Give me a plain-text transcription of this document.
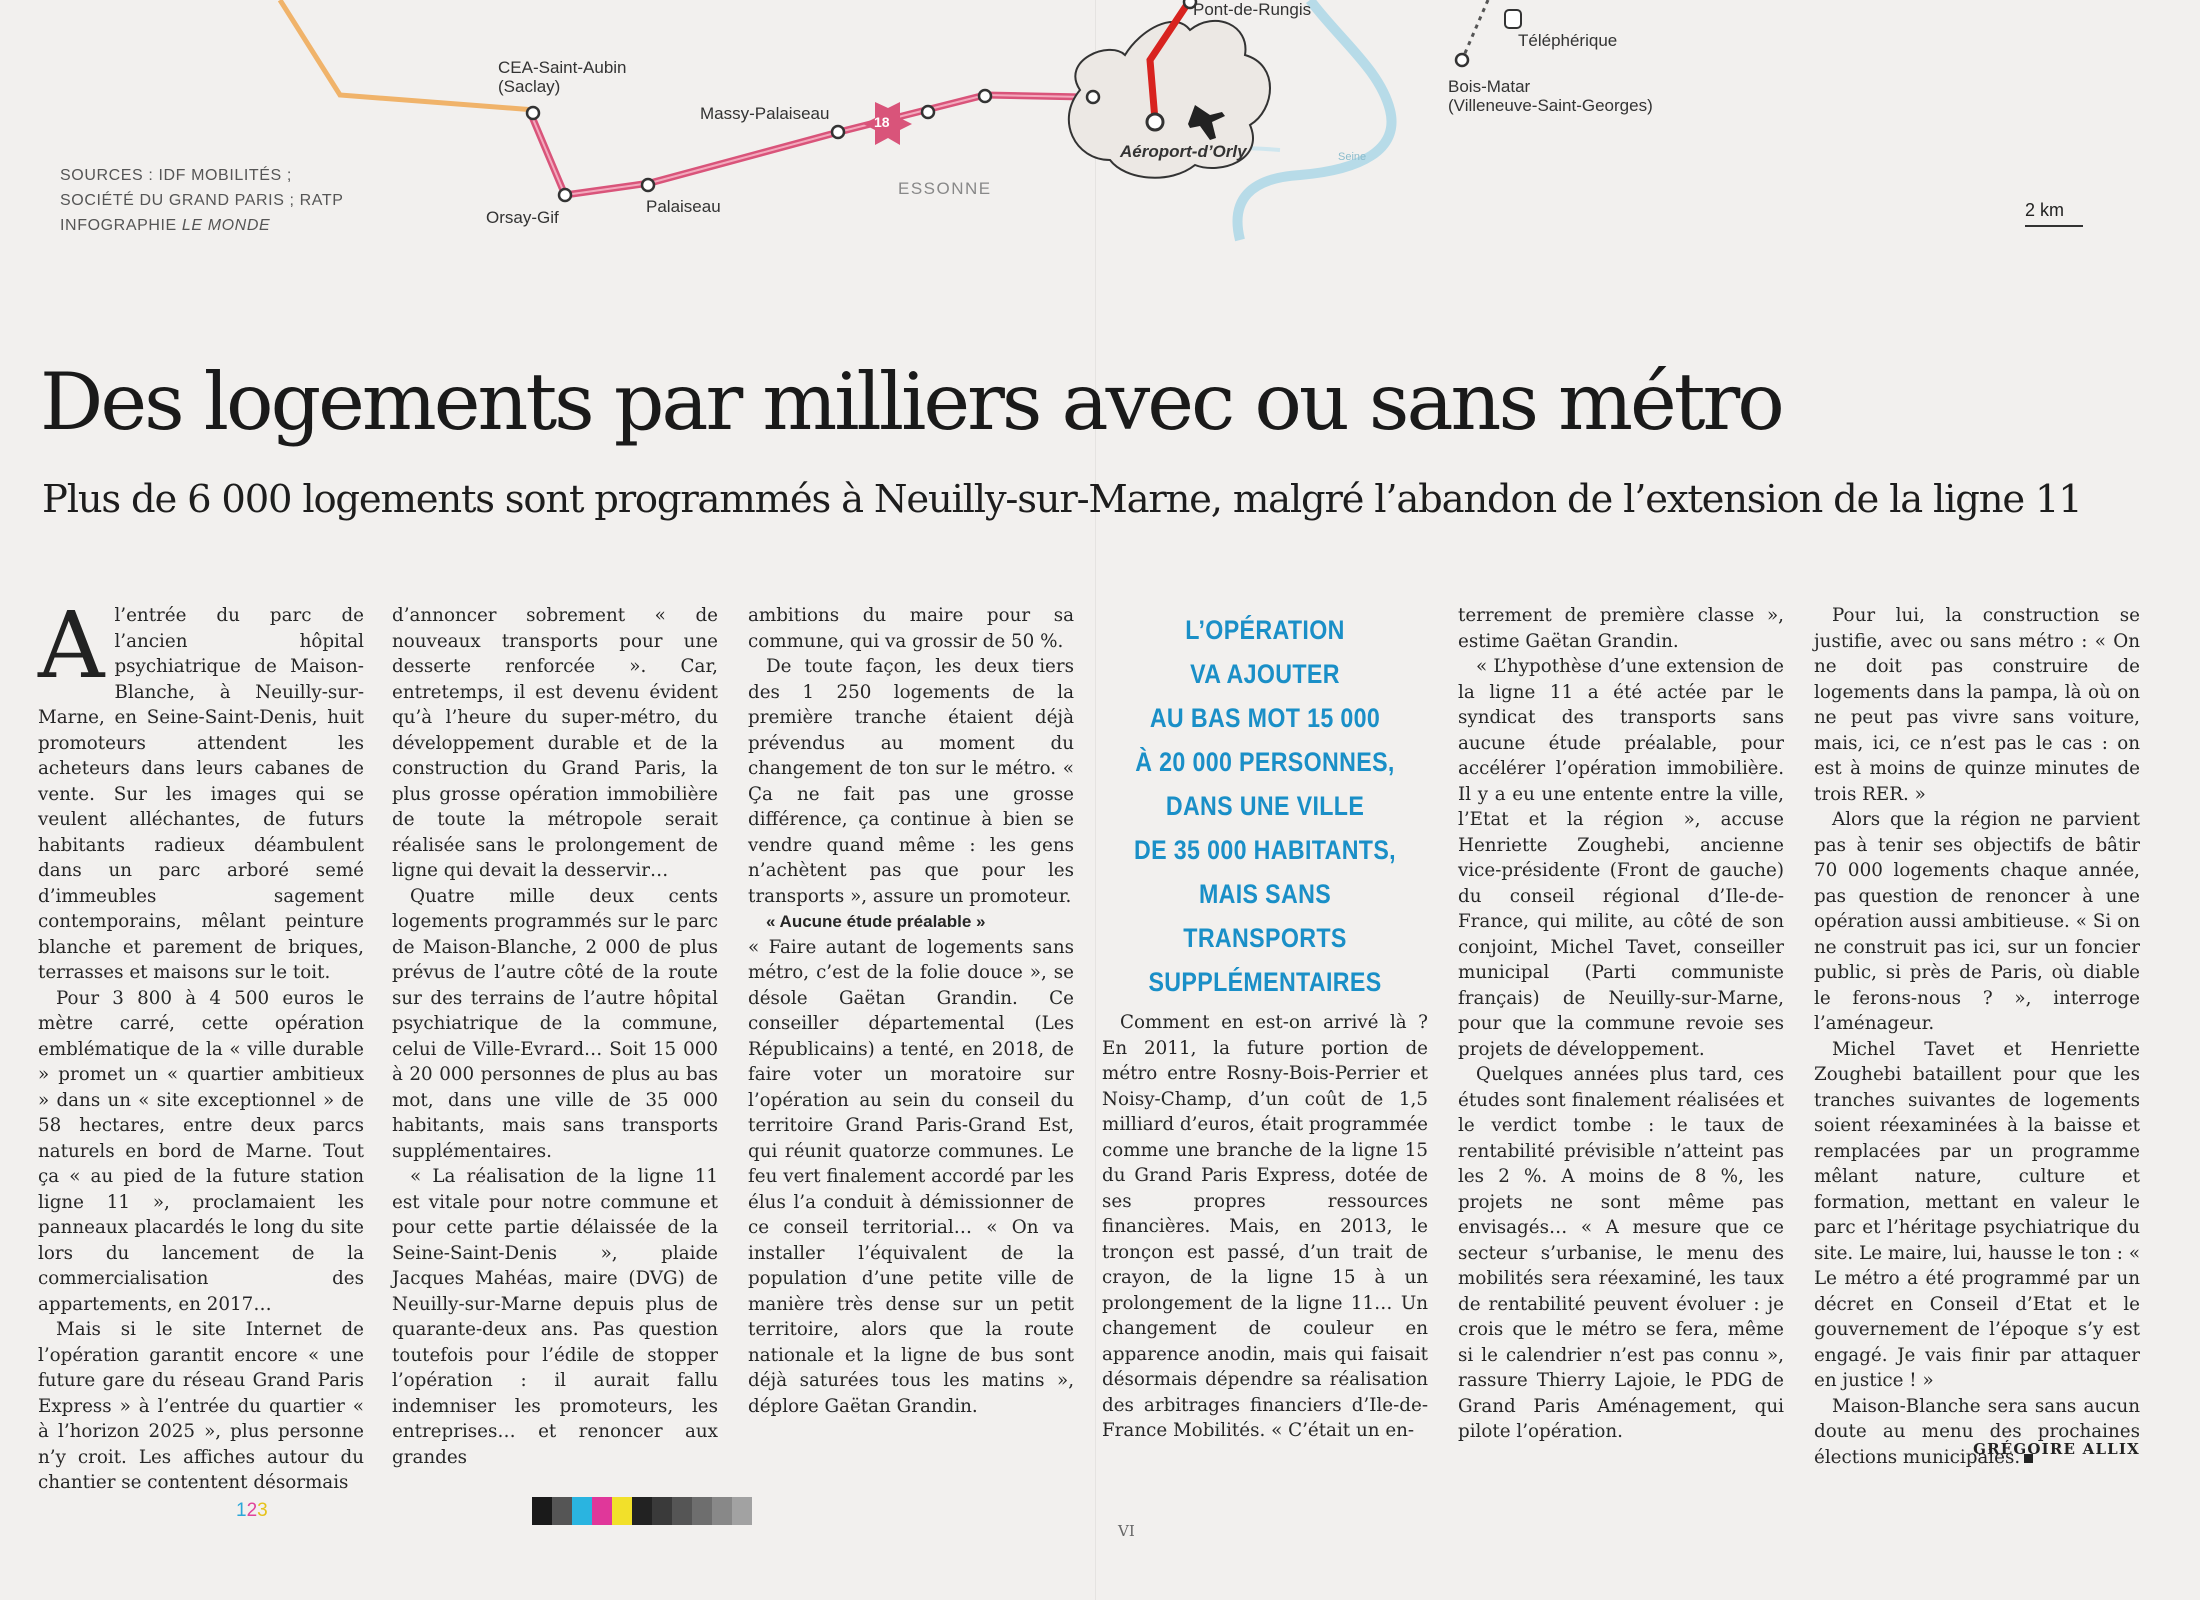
Pont-de-Rungis
Téléphérique
CEA-Saint-Aubin
(Saclay)
Massy-Palaiseau	18
Bois-Matar
(Villeneuve-Saint-Georges)
Orsay-Gif
Palaiseau
ESSONNE
Aéroport-d’Orly	Seine
SOURCES : IDF MOBILITÉS ;
SOCIÉTÉ DU GRAND PARIS ; RATP
INFOGRAPHIE LE MONDE
2 km
Des logements par milliers avec ou sans métro
Plus de 6 000 logements sont programmés à Neuilly-sur-Marne, malgré l’abandon de l’extension de la ligne 11

Al’entrée du parc de l’ancien hôpital psychiatrique de Maison-Blanche, à Neuilly-sur-Marne, en Seine-Saint-Denis, huit promoteurs attendent les acheteurs dans leurs cabanes de vente. Sur les images qui se veulent alléchantes, de futurs habitants radieux déambulent dans un parc arboré semé d’immeubles sagement contemporains, mêlant peinture blanche et parement de briques, terrasses et maisons sur le toit.

Pour 3 800 à 4 500 euros le mètre carré, cette opération emblématique de la « ville durable » promet un « quartier ambitieux » dans un « site exceptionnel » de 58 hectares, entre deux parcs naturels en bord de Marne. Tout ça « au pied de la future station ligne 11 », proclamaient les panneaux placardés le long du site lors du lancement de la commercialisation des appartements, en 2017…

Mais si le site Internet de l’opération garantit encore « une future gare du réseau Grand Paris Express » à l’entrée du quartier « à l’horizon 2025 », plus personne n’y croit. Les affiches autour du chantier se contentent désormais

d’annoncer sobrement « de nouveaux transports pour une desserte renforcée ». Car, entretemps, il est devenu évident qu’à l’heure du super-métro, du développement durable et de la construction du Grand Paris, la plus grosse opération immobilière de toute la métropole serait réalisée sans le prolongement de ligne qui devait la desservir…

Quatre mille deux cents logements programmés sur le parc de Maison-Blanche, 2 000 de plus prévus de l’autre côté de la route sur des terrains de l’autre hôpital psychiatrique de la commune, celui de Ville-Evrard… Soit 15 000 à 20 000 personnes de plus au bas mot, dans une ville de 35 000 habitants, mais sans transports supplémentaires.

« La réalisation de la ligne 11 est vitale pour notre commune et pour cette partie délaissée de la Seine-Saint-Denis », plaide Jacques Mahéas, maire (DVG) de Neuilly-sur-Marne depuis plus de quarante-deux ans. Pas question toutefois pour l’édile de stopper l’opération : il aurait fallu indemniser les promoteurs, les entreprises… et renoncer aux grandes

ambitions du maire pour sa commune, qui va grossir de 50 %.

De toute façon, les deux tiers des 1 250 logements de la première tranche étaient déjà prévendus au moment du changement de ton sur le métro. « Ça ne fait pas une grosse différence, ça continue à bien se vendre quand même : les gens n’achètent pas que pour les transports », assure un promoteur.

« Aucune étude préalable »

« Faire autant de logements sans métro, c’est de la folie douce », se désole Gaëtan Grandin. Ce conseiller départemental (Les Républicains) a tenté, en 2018, de faire voter un moratoire sur l’opération au sein du conseil du territoire Grand Paris-Grand Est, qui réunit quatorze communes. Le feu vert finalement accordé par les élus l’a conduit à démissionner de ce conseil territorial… « On va installer l’équivalent de la population d’une petite ville de manière très dense sur un petit territoire, alors que la route nationale et la ligne de bus sont déjà saturées tous les matins », déplore Gaëtan Grandin.

L’OPÉRATION
VA AJOUTER
AU BAS MOT 15 000
À 20 000 PERSONNES,
DANS UNE VILLE
DE 35 000 HABITANTS,
MAIS SANS TRANSPORTS
SUPPLÉMENTAIRES

Comment en est-on arrivé là ? En 2011, la future portion de métro entre Rosny-Bois-Perrier et Noisy-Champ, d’un coût de 1,5 milliard d’euros, était programmée comme une branche de la ligne 15 du Grand Paris Express, dotée de ses propres ressources financières. Mais, en 2013, le tronçon est passé, d’un trait de crayon, de la ligne 15 à un prolongement de la ligne 11… Un changement de couleur en apparence anodin, mais qui faisait désormais dépendre sa réalisation des arbitrages financiers d’Ile-de-France Mobilités. « C’était un en-

terrement de première classe », estime Gaëtan Grandin.

« L’hypothèse d’une extension de la ligne 11 a été actée par le syndicat des transports sans aucune étude préalable, pour accélérer l’opération immobilière. Il y a eu une entente entre la ville, l’Etat et la région », accuse Henriette Zoughebi, ancienne vice-présidente (Front de gauche) du conseil régional d’Ile-de-France, qui milite, au côté de son conjoint, Michel Tavet, conseiller municipal (Parti communiste français) de Neuilly-sur-Marne, pour que la commune revoie ses projets de développement.

Quelques années plus tard, ces études sont finalement réalisées et le verdict tombe : le taux de rentabilité prévisible n’atteint pas les 2 %. A moins de 8 %, les projets ne sont même pas envisagés… « A mesure que ce secteur s’urbanise, le menu des mobilités sera réexaminé, les taux de rentabilité peuvent évoluer : je crois que le métro se fera, même si le calendrier n’est pas connu », rassure Thierry Lajoie, le PDG de Grand Paris Aménagement, qui pilote l’opération.

Pour lui, la construction se justifie, avec ou sans métro : « On ne doit pas construire de logements dans la pampa, là où on ne peut pas vivre sans voiture, mais, ici, ce n’est pas le cas : on est à moins de quinze minutes de trois RER. »

Alors que la région ne parvient pas à tenir ses objectifs de bâtir 70 000 logements chaque année, pas question de renoncer à une opération aussi ambitieuse. « Si on ne construit pas ici, sur un foncier public, si près de Paris, où diable le ferons-nous ? », interroge l’aménageur.

Michel Tavet et Henriette Zoughebi bataillent pour que les tranches suivantes de logements soient réexaminées à la baisse et remplacées par un programme mêlant nature, culture et formation, mettant en valeur le parc et l’héritage psychiatrique du site. Le maire, lui, hausse le ton : « Le métro a été programmé par un décret en Conseil d’Etat et le gouvernement de l’époque s’y est engagé. Je vais finir par attaquer en justice ! »

Maison-Blanche sera sans aucun doute au menu des prochaines élections municipales.

GRÉGOIRE ALLIX
123
VI
